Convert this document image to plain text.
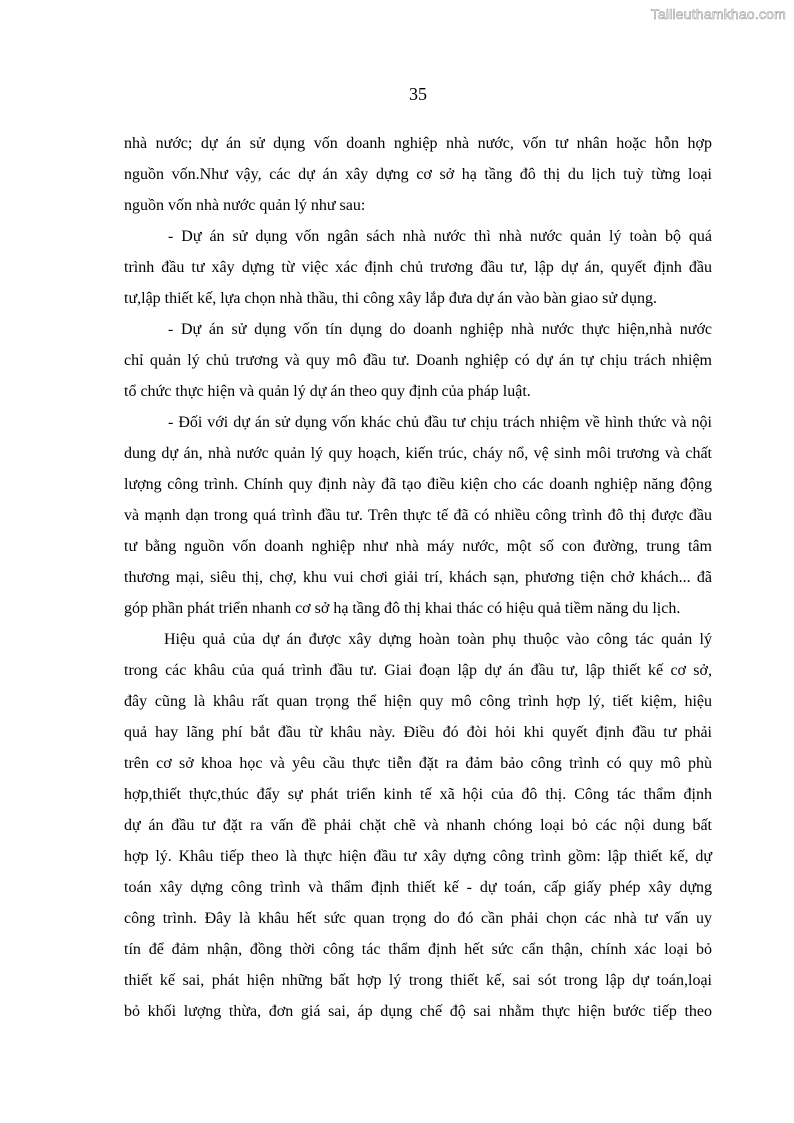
Tailieuthamkhao.com
35
nhà nước; dự án sử dụng vốn doanh nghiệp nhà nước, vốn tư nhân hoặc hỗn hợp
nguồn vốn.Như vậy, các dự án xây dựng cơ sở hạ tầng đô thị du lịch tuỳ từng loại
nguồn vốn nhà nước quản lý như sau:
- Dự án sử dụng vốn ngân sách nhà nước thì nhà nước quản lý toàn bộ quá
trình đầu tư xây dựng từ việc xác định chủ trương đầu tư, lập dự án, quyết định đầu
tư,lập thiết kế, lựa chọn nhà thầu, thi công xây lắp đưa dự án vào bàn giao sử dụng.
- Dự án sử dụng vốn tín dụng do doanh nghiệp nhà nước thực hiện,nhà nước
chỉ quản lý chủ trương và quy mô đầu tư. Doanh nghiệp có dự án tự chịu trách nhiệm
tổ chức thực hiện và quản lý dự án theo quy định của pháp luật.
- Đối với dự án sử dụng vốn khác chủ đầu tư chịu trách nhiệm về hình thức và nội
dung dự án, nhà nước quản lý quy hoạch, kiến trúc, cháy nổ, vệ sinh môi trương và chất
lượng công trình. Chính quy định này đã tạo điều kiện cho các doanh nghiệp năng động
và mạnh dạn trong quá trình đầu tư. Trên thực tế đã có nhiều công trình đô thị được đầu
tư bằng nguồn vốn doanh nghiệp như nhà máy nước, một số con đường, trung tâm
thương mại, siêu thị, chợ, khu vui chơi giải trí, khách sạn, phương tiện chở khách... đã
góp phần phát triển nhanh cơ sở hạ tầng đô thị khai thác có hiệu quả tiềm năng du lịch.
Hiệu quả của dự án được xây dựng hoàn toàn phụ thuộc vào công tác quản lý
trong các khâu của quá trình đầu tư. Giai đoạn lập dự án đầu tư, lập thiết kế cơ sở,
đây cũng là khâu rất quan trọng thể hiện quy mô công trình hợp lý, tiết kiệm, hiệu
quả hay lãng phí bắt đầu từ khâu này. Điều đó đòi hỏi khi quyết định đầu tư phải
trên cơ sở khoa học và yêu cầu thực tiễn đặt ra đảm bảo công trình có quy mô phù
hợp,thiết thực,thúc đẩy sự phát triển kinh tế xã hội của đô thị. Công tác thẩm định
dự án đầu tư đặt ra vấn đề phải chặt chẽ và nhanh chóng loại bỏ các nội dung bất
hợp lý. Khâu tiếp theo là thực hiện đầu tư xây dựng công trình gồm: lập thiết kế, dự
toán xây dựng công trình và thẩm định thiết kế - dự toán, cấp giấy phép xây dựng
công trình. Đây là khâu hết sức quan trọng do đó cần phải chọn các nhà tư vấn uy
tín để đảm nhận, đồng thời công tác thẩm định hết sức cẩn thận, chính xác loại bỏ
thiết kế sai, phát hiện những bất hợp lý trong thiết kế, sai sót trong lập dự toán,loại
bỏ khối lượng thừa, đơn giá sai, áp dụng chế độ sai nhằm thực hiện bước tiếp theo
